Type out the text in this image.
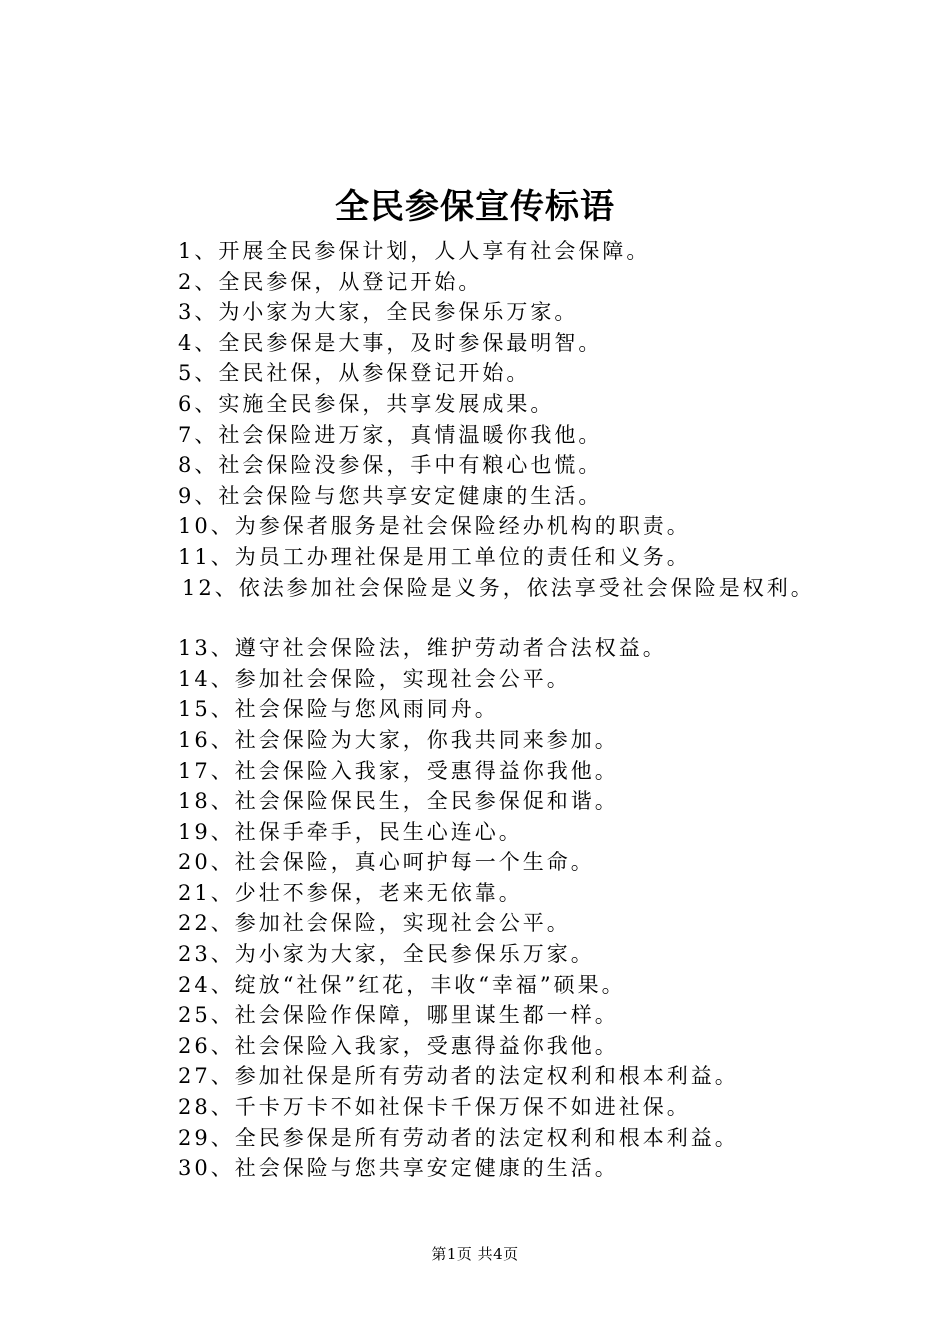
全民参保宣传标语
1、开展全民参保计划，人人享有社会保障。
2、全民参保，从登记开始。
3、为小家为大家，全民参保乐万家。
4、全民参保是大事，及时参保最明智。
5、全民社保，从参保登记开始。
6、实施全民参保，共享发展成果。
7、社会保险进万家，真情温暖你我他。
8、社会保险没参保，手中有粮心也慌。
9、社会保险与您共享安定健康的生活。
10、为参保者服务是社会保险经办机构的职责。
11、为员工办理社保是用工单位的责任和义务。
12、依法参加社会保险是义务，依法享受社会保险是权利。
13、遵守社会保险法，维护劳动者合法权益。
14、参加社会保险，实现社会公平。
15、社会保险与您风雨同舟。
16、社会保险为大家，你我共同来参加。
17、社会保险入我家，受惠得益你我他。
18、社会保险保民生，全民参保促和谐。
19、社保手牵手，民生心连心。
20、社会保险，真心呵护每一个生命。
21、少壮不参保，老来无依靠。
22、参加社会保险，实现社会公平。
23、为小家为大家，全民参保乐万家。
24、绽放“社保”红花，丰收“幸福”硕果。
25、社会保险作保障，哪里谋生都一样。
26、社会保险入我家，受惠得益你我他。
27、参加社保是所有劳动者的法定权利和根本利益。
28、千卡万卡不如社保卡千保万保不如进社保。
29、全民参保是所有劳动者的法定权利和根本利益。
30、社会保险与您共享安定健康的生活。
第1页 共4页
